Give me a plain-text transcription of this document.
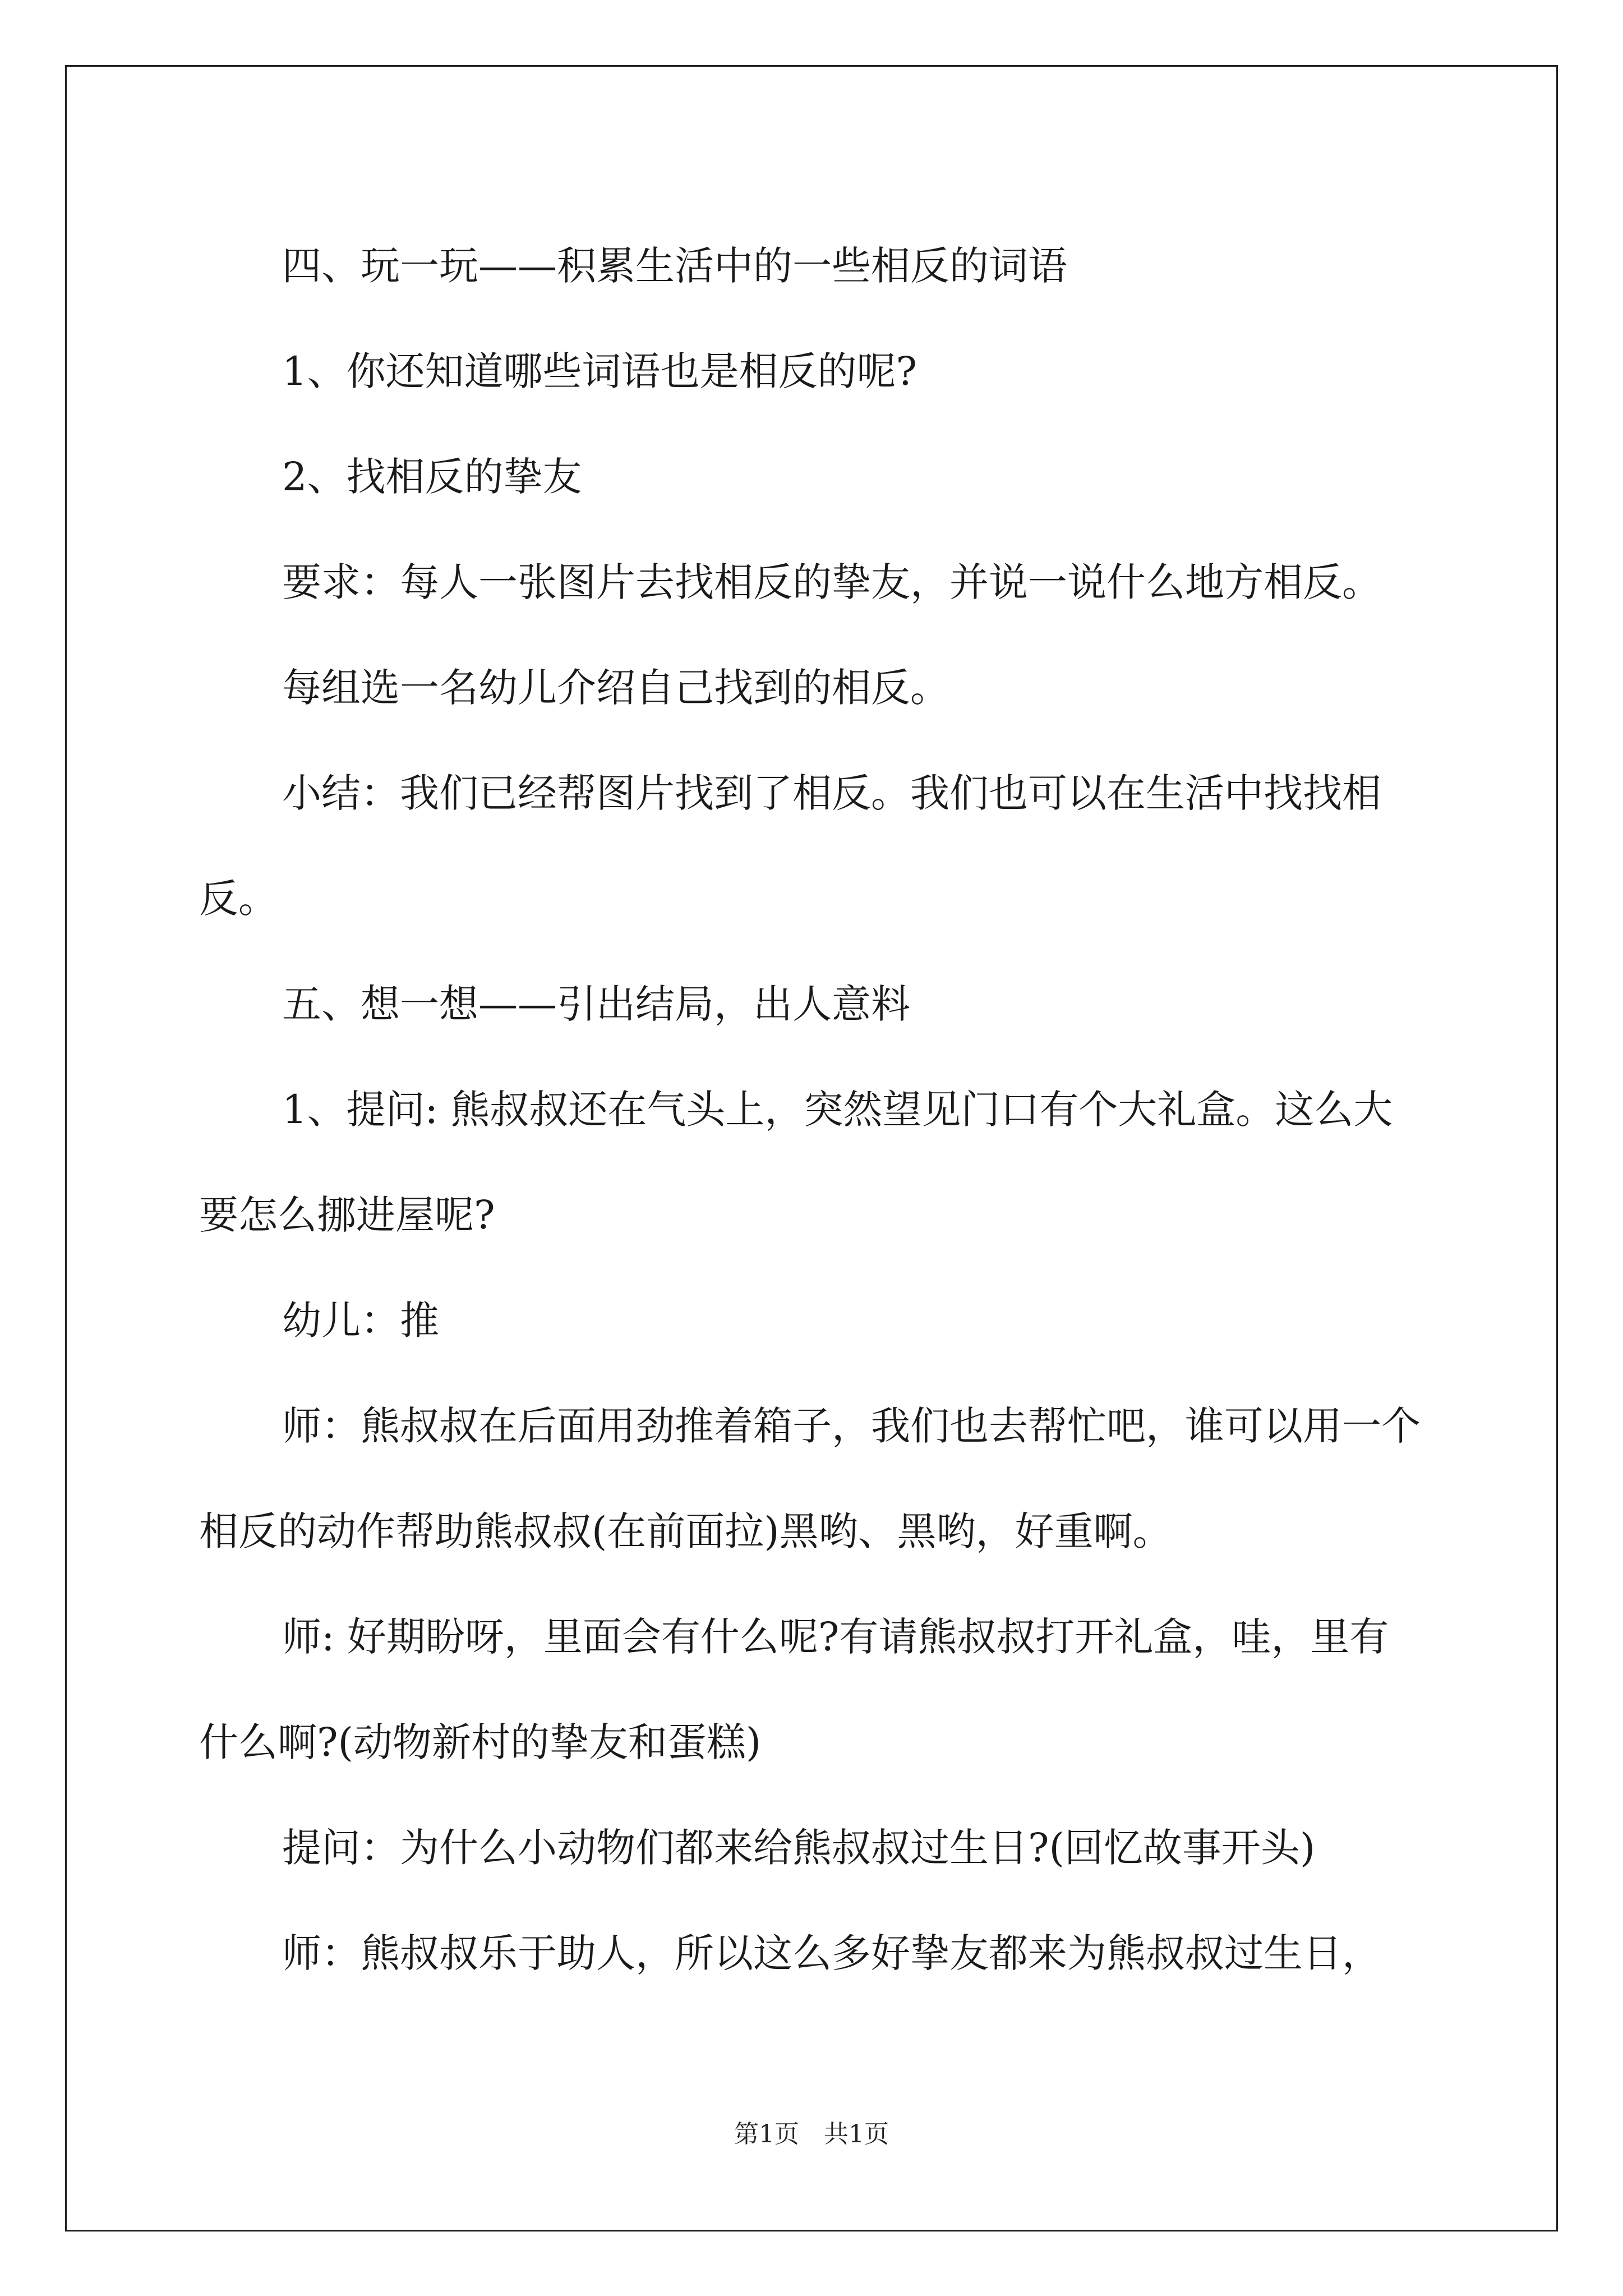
四、玩一玩——积累生活中的一些相反的词语

1、你还知道哪些词语也是相反的呢?

2、找相反的挚友

要求：每人一张图片去找相反的挚友，并说一说什么地方相反。

每组选一名幼儿介绍自己找到的相反。

小结：我们已经帮图片找到了相反。我们也可以在生活中找找相反。

五、想一想——引出结局，出人意料

1、提问: 熊叔叔还在气头上，突然望见门口有个大礼盒。这么大要怎么挪进屋呢?

幼儿：推

师：熊叔叔在后面用劲推着箱子，我们也去帮忙吧，谁可以用一个相反的动作帮助熊叔叔(在前面拉)黑哟、黑哟，好重啊。

师: 好期盼呀，里面会有什么呢?有请熊叔叔打开礼盒，哇，里有什么啊?(动物新村的挚友和蛋糕)

提问：为什么小动物们都来给熊叔叔过生日?(回忆故事开头)

师：熊叔叔乐于助人，所以这么多好挚友都来为熊叔叔过生日，

第1页　共1页
